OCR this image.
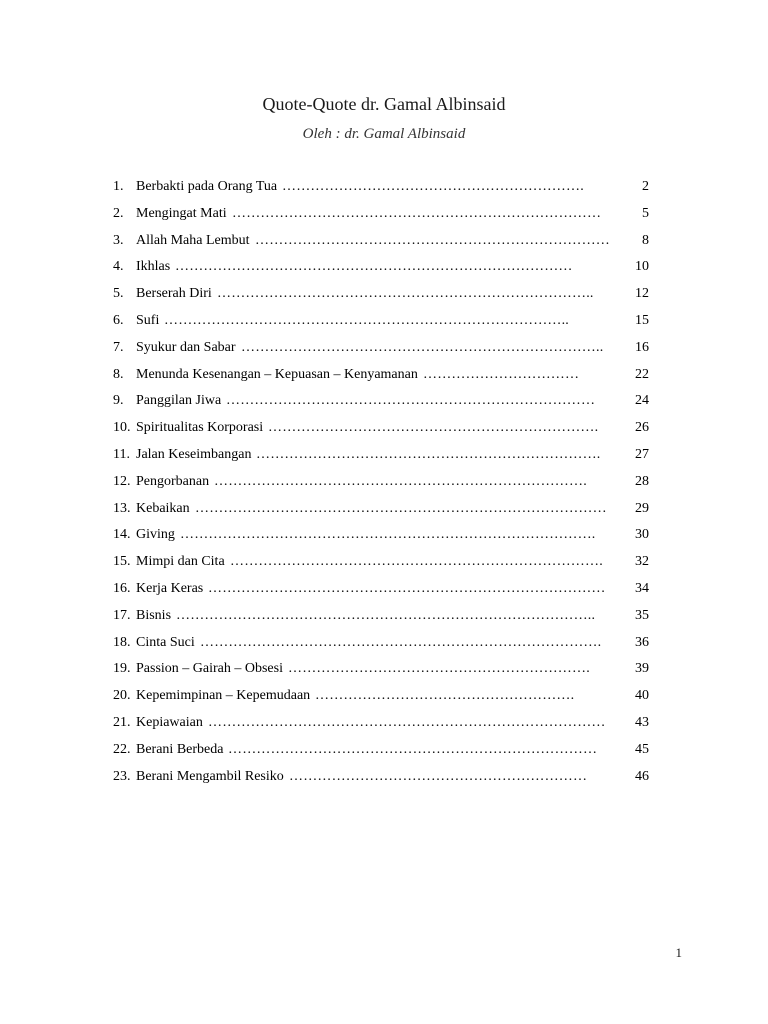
Quote-Quote dr. Gamal Albinsaid
Oleh : dr. Gamal Albinsaid
1. Berbakti pada Orang Tua ……………………………………………………….	2
2. Mengingat Mati ……………………………………………………………………	5
3. Allah Maha Lembut …………………………………………………………………	8
4. Ikhlas …………………………………………………………………………	10
5. Berserah Diri ……………………………………………………………………..	12
6. Sufi …………………………………………………………………………..	15
7. Syukur dan Sabar …………………………………………………………………..	16
8. Menunda Kesenangan – Kepuasan – Kenyamanan ……………………………	22
9. Panggilan Jiwa ……………………………………………………………………	24
10. Spiritualitas Korporasi …………………………………………………………….	26
11. Jalan Keseimbangan ……………………………………………………………….	27
12. Pengorbanan …………………………………………………………………….	28
13. Kebaikan ……………………………………………………………………………	29
14. Giving …………………………………………………………………………….	30
15. Mimpi dan Cita …………………………………………………………………….	32
16. Kerja Keras …………………………………………………………………………	34
17. Bisnis ……………………………………………………………………………..	35
18. Cinta Suci ………………………………………………………………………….	36
19. Passion – Gairah – Obsesi ……………………………………………………….	39
20. Kepemimpinan – Kepemudaan ……………………………………………….	40
21. Kepiawaian …………………………………………………………………………	43
22. Berani Berbeda ……………………………………………………………………	45
23. Berani Mengambil Resiko ………………………………………………………	46
1
